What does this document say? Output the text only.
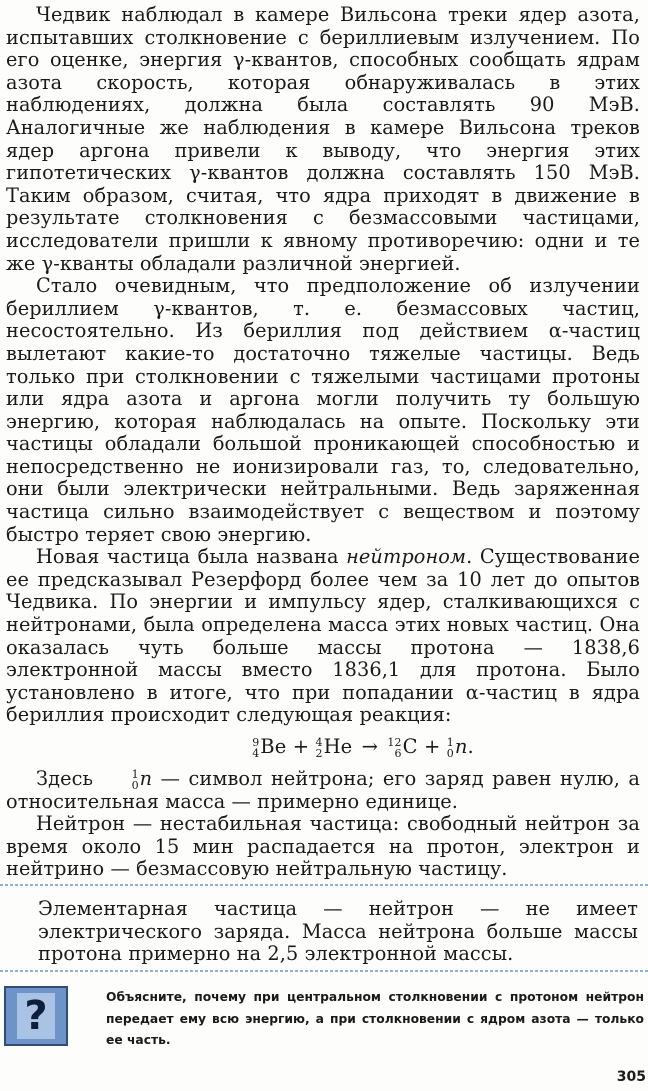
Чедвик наблюдал в камере Вильсона треки ядер азота, испытавших столкновение с бериллиевым излучением. По его оценке, энергия γ-квантов, способных сообщать ядрам азота скорость, которая обнаруживалась в этих наблюдениях, должна была составлять 90 МэВ. Аналогичные же наблюдения в камере Вильсона треков ядер аргона привели к выводу, что энергия этих гипотетических γ-квантов должна составлять 150 МэВ. Таким образом, считая, что ядра приходят в движение в результате столкновения с безмассовыми частицами, исследователи пришли к явному противоречию: одни и те же γ-кванты обладали различной энергией.

Стало очевидным, что предположение об излучении бериллием γ-квантов, т. е. безмассовых частиц, несостоятельно. Из бериллия под действием α-частиц вылетают какие-то достаточно тяжелые частицы. Ведь только при столкновении с тяжелыми частицами протоны или ядра азота и аргона могли получить ту большую энергию, которая наблюдалась на опыте. Поскольку эти частицы обладали большой проникающей способностью и непосредственно не ионизировали газ, то, следовательно, они были электрически нейтральными. Ведь заряженная частица сильно взаимодействует с веществом и поэтому быстро теряет свою энергию.

Новая частица была названа нейтроном. Существование ее предсказывал Резерфорд более чем за 10 лет до опытов Чедвика. По энергии и импульсу ядер, сталкивающихся с нейтронами, была определена масса этих новых частиц. Она оказалась чуть больше массы протона — 1838,6 электронной массы вместо 1836,1 для протона. Было установлено в итоге, что при попадании α-частиц в ядра бериллия происходит следующая реакция:

9
4 Be + 4
2 He → 12
6 C + 1
0 n.

Здесь	1
0 n — символ нейтрона; его заряд равен нулю, а относительная масса — примерно единице.

Нейтрон — нестабильная частица: свободный нейтрон за время около 15 мин распадается на протон, электрон и нейтрино — безмассовую нейтральную частицу.

Элементарная частица — нейтрон — не имеет электрического заряда. Масса нейтрона больше массы протона примерно на 2,5 электронной массы.

?	Объясните, почему при центральном столкновении с протоном нейтрон передает ему всю энергию, а при столкновении с ядром азота — только ее часть.
305
